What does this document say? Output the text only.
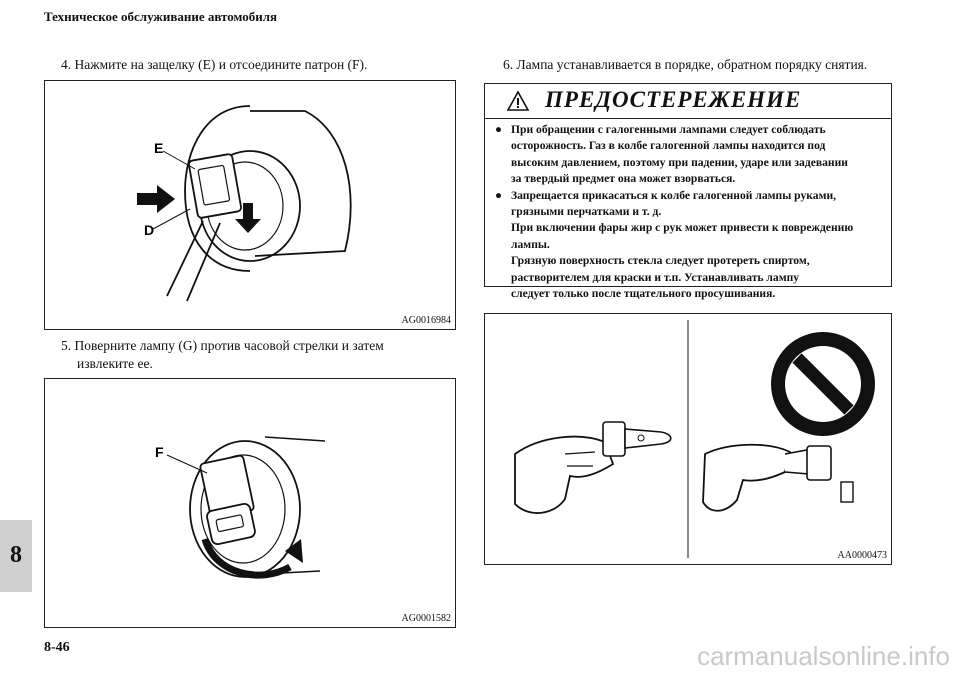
Техническое обслуживание автомобиля
4. Нажмите на защелку (E) и отсоедините патрон (F).	6. Лампа устанавливается в порядке, обратном порядку снятия.
E
D
AG0016984
5. Поверните лампу (G) против часовой стрелки и затем
извлеките ее.
F
AG0001582
ПРЕДОСТЕРЕЖЕНИЕ
● При обращении с галогенными лампами следует соблюдать
осторожность. Газ в колбе галогенной лампы находится под
высоким давлением, поэтому при падении, ударе или задевании
за твердый предмет она может взорваться.
● Запрещается прикасаться к колбе галогенной лампы руками,
грязными перчатками и т. д.
При включении фары жир с рук может привести к повреждению
лампы.
Грязную поверхность стекла следует протереть спиртом,
растворителем для краски и т.п. Устанавливать лампу
следует только после тщательного просушивания.
AA0000473
8
8-46	carmanualsonline.info
